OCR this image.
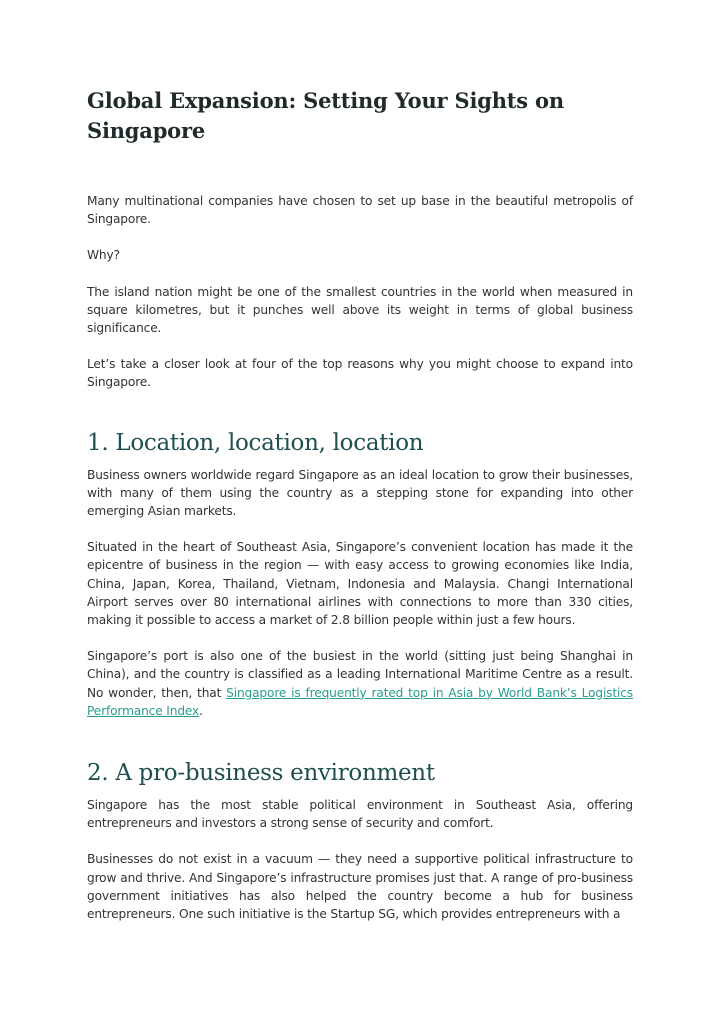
Global Expansion: Setting Your Sights on Singapore

Many multinational companies have chosen to set up base in the beautiful metropolis of Singapore.

Why?

The island nation might be one of the smallest countries in the world when measured in square kilometres, but it punches well above its weight in terms of global business significance.

Let’s take a closer look at four of the top reasons why you might choose to expand into Singapore.

1. Location, location, location

Business owners worldwide regard Singapore as an ideal location to grow their businesses, with many of them using the country as a stepping stone for expanding into other emerging Asian markets.

Situated in the heart of Southeast Asia, Singapore’s convenient location has made it the epicentre of business in the region — with easy access to growing economies like India, China, Japan, Korea, Thailand, Vietnam, Indonesia and Malaysia. Changi International Airport serves over 80 international airlines with connections to more than 330 cities, making it possible to access a market of 2.8 billion people within just a few hours.

Singapore’s port is also one of the busiest in the world (sitting just being Shanghai in China), and the country is classified as a leading International Maritime Centre as a result. No wonder, then, that Singapore is frequently rated top in Asia by World Bank’s Logistics Performance Index.

2. A pro-business environment

Singapore has the most stable political environment in Southeast Asia, offering entrepreneurs and investors a strong sense of security and comfort.

Businesses do not exist in a vacuum — they need a supportive political infrastructure to grow and thrive. And Singapore’s infrastructure promises just that. A range of pro-business government initiatives has also helped the country become a hub for business entrepreneurs. One such initiative is the Startup SG, which provides entrepreneurs with a
